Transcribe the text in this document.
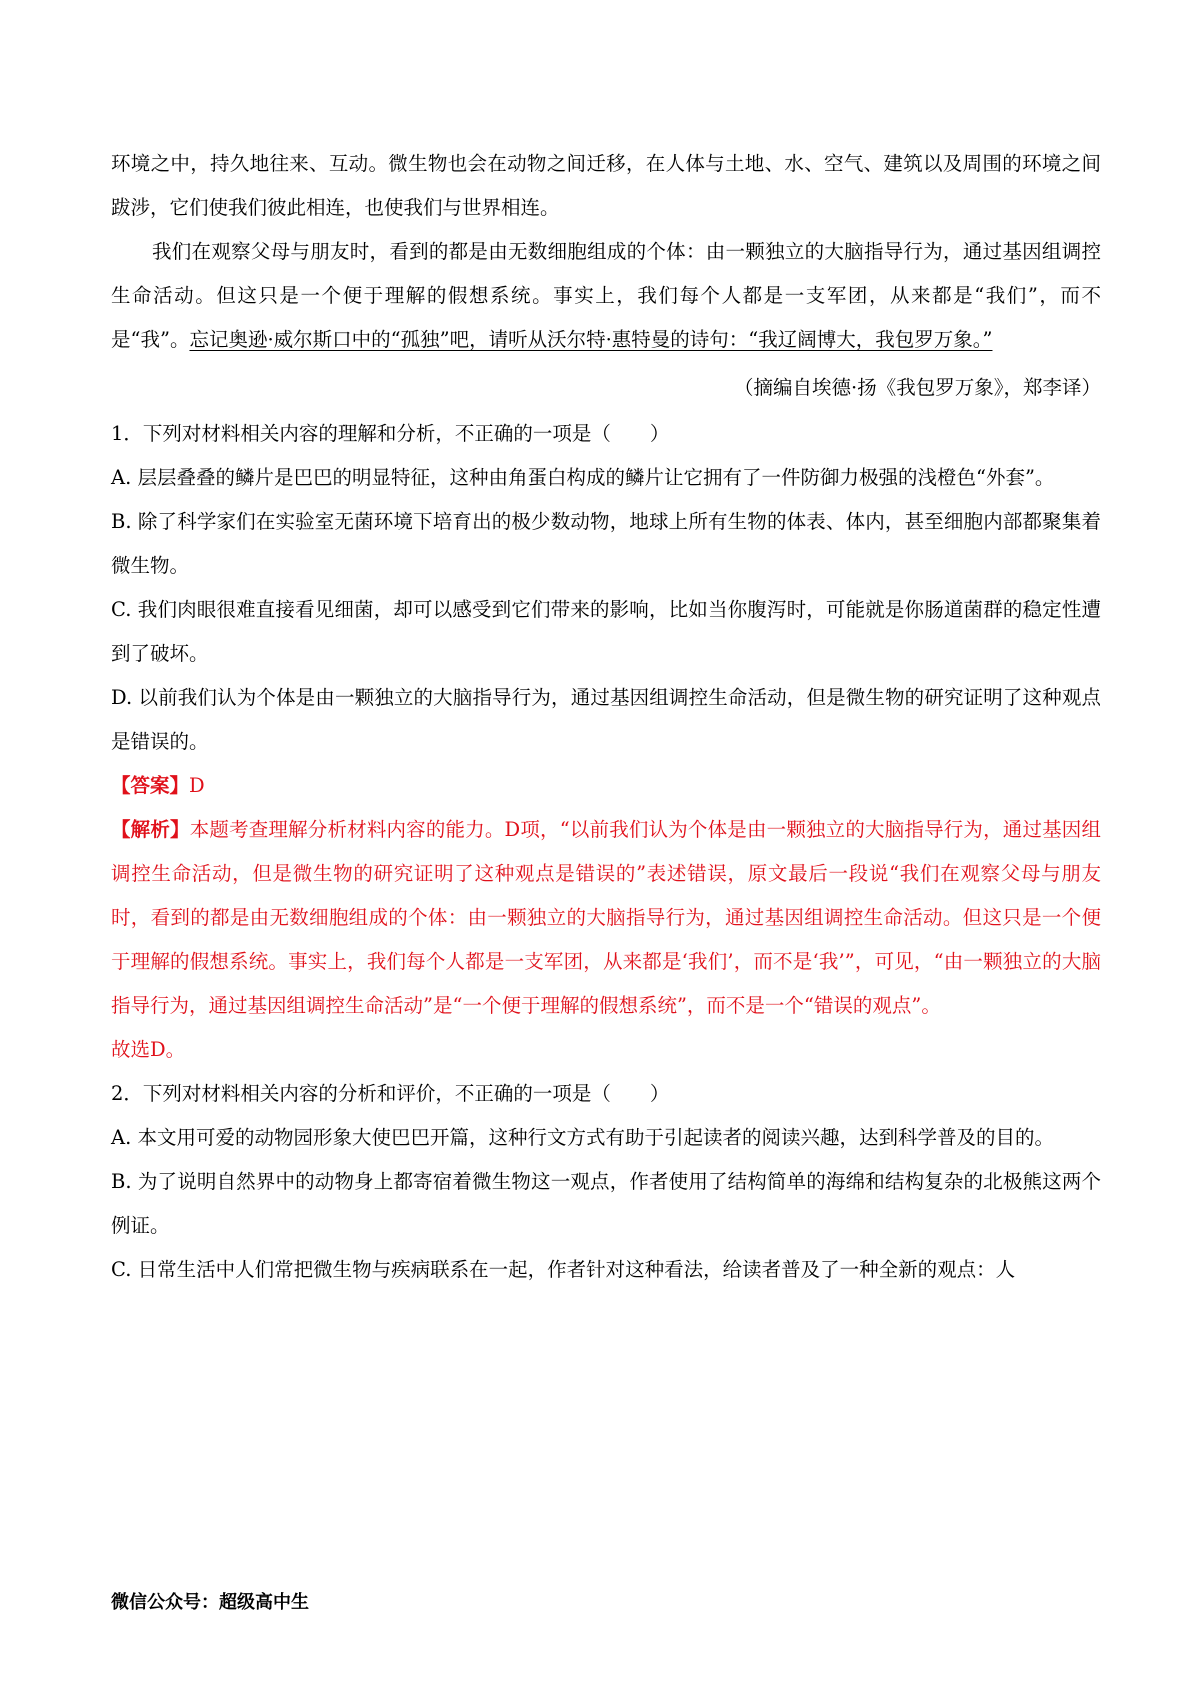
环境之中，持久地往来、互动。微生物也会在动物之间迁移，在人体与土地、水、空气、建筑以及周围的环境之间跋涉，它们使我们彼此相连，也使我们与世界相连。

我们在观察父母与朋友时，看到的都是由无数细胞组成的个体：由一颗独立的大脑指导行为，通过基因组调控生命活动。但这只是一个便于理解的假想系统。事实上，我们每个人都是一支军团，从来都是“我们”，而不是“我”。忘记奥逊·威尔斯口中的“孤独”吧，请听从沃尔特·惠特曼的诗句：“我辽阔博大，我包罗万象。”

（摘编自埃德·扬《我包罗万象》，郑李译）

1．下列对材料相关内容的理解和分析，不正确的一项是（　　）

A. 层层叠叠的鳞片是巴巴的明显特征，这种由角蛋白构成的鳞片让它拥有了一件防御力极强的浅橙色“外套”。

B. 除了科学家们在实验室无菌环境下培育出的极少数动物，地球上所有生物的体表、体内，甚至细胞内部都聚集着微生物。

C. 我们肉眼很难直接看见细菌，却可以感受到它们带来的影响，比如当你腹泻时，可能就是你肠道菌群的稳定性遭到了破坏。

D. 以前我们认为个体是由一颗独立的大脑指导行为，通过基因组调控生命活动，但是微生物的研究证明了这种观点是错误的。

【答案】D

【解析】本题考查理解分析材料内容的能力。D项，“以前我们认为个体是由一颗独立的大脑指导行为，通过基因组调控生命活动，但是微生物的研究证明了这种观点是错误的”表述错误，原文最后一段说“我们在观察父母与朋友时，看到的都是由无数细胞组成的个体：由一颗独立的大脑指导行为，通过基因组调控生命活动。但这只是一个便于理解的假想系统。事实上，我们每个人都是一支军团，从来都是‘我们’，而不是‘我’”，可见，“由一颗独立的大脑指导行为，通过基因组调控生命活动”是“一个便于理解的假想系统”，而不是一个“错误的观点”。

故选D。

2．下列对材料相关内容的分析和评价，不正确的一项是（　　）

A. 本文用可爱的动物园形象大使巴巴开篇，这种行文方式有助于引起读者的阅读兴趣，达到科学普及的目的。

B. 为了说明自然界中的动物身上都寄宿着微生物这一观点，作者使用了结构简单的海绵和结构复杂的北极熊这两个例证。

C. 日常生活中人们常把微生物与疾病联系在一起，作者针对这种看法，给读者普及了一种全新的观点：人

微信公众号：超级高中生
